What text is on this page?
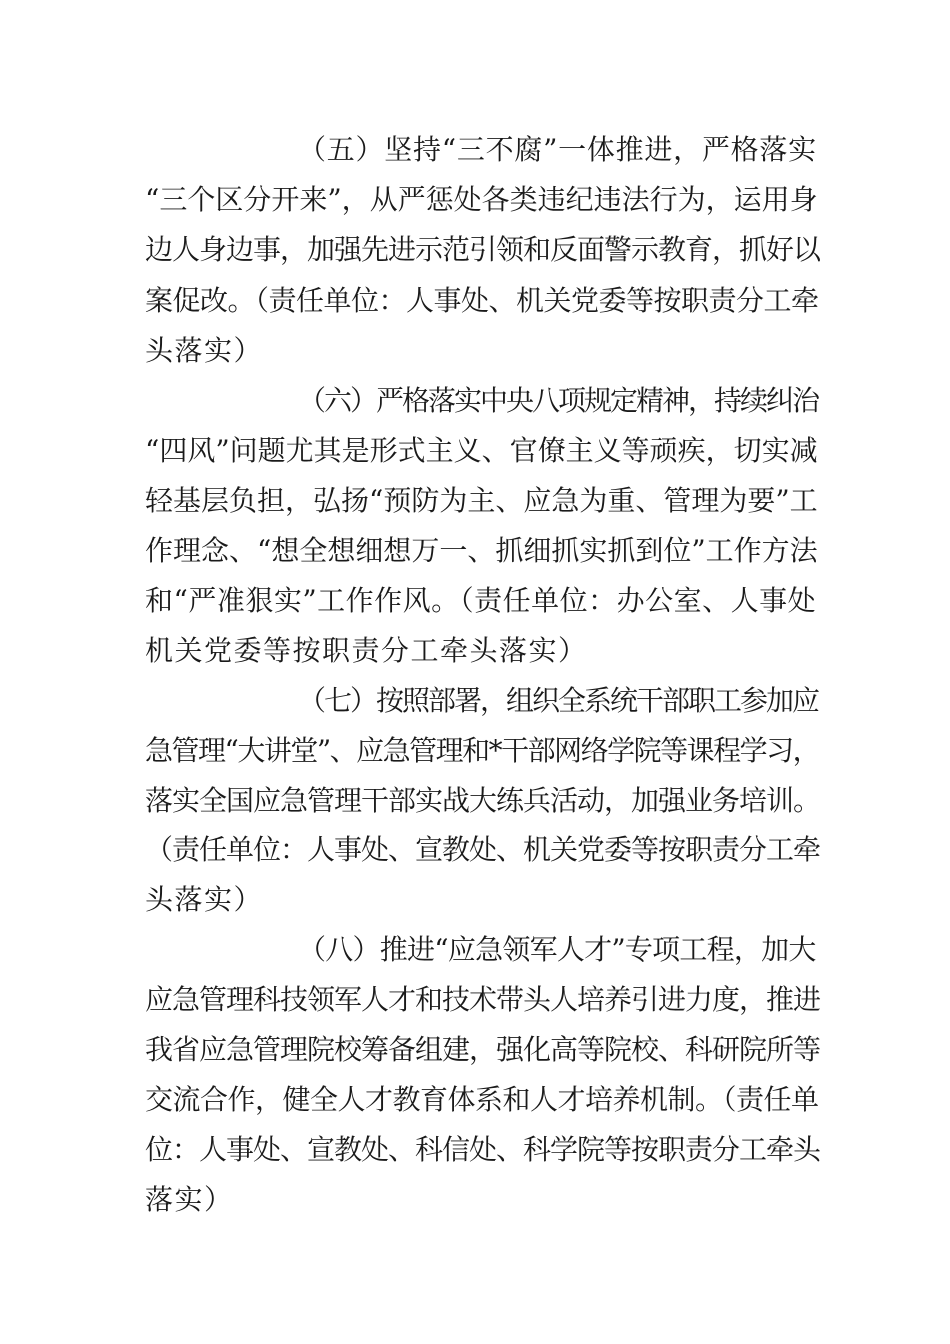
（五）坚持“三不腐”一体推进，严格落实
“三个区分开来”，从严惩处各类违纪违法行为，运用身
边人身边事，加强先进示范引领和反面警示教育，抓好以
案促改。（责任单位：人事处、机关党委等按职责分工牵
头落实）
（六）严格落实中央八项规定精神，持续纠治
“四风”问题尤其是形式主义、官僚主义等顽疾，切实减
轻基层负担，弘扬“预防为主、应急为重、管理为要”工
作理念、“想全想细想万一、抓细抓实抓到位”工作方法
和“严准狠实”工作作风。（责任单位：办公室、人事处
机关党委等按职责分工牵头落实）
（七）按照部署，组织全系统干部职工参加应
急管理“大讲堂”、应急管理和*干部网络学院等课程学习，
落实全国应急管理干部实战大练兵活动，加强业务培训。
（责任单位：人事处、宣教处、机关党委等按职责分工牵
头落实）
（八）推进“应急领军人才”专项工程，加大
应急管理科技领军人才和技术带头人培养引进力度，推进
我省应急管理院校筹备组建，强化高等院校、科研院所等
交流合作，健全人才教育体系和人才培养机制。（责任单
位：人事处、宣教处、科信处、科学院等按职责分工牵头
落实）
